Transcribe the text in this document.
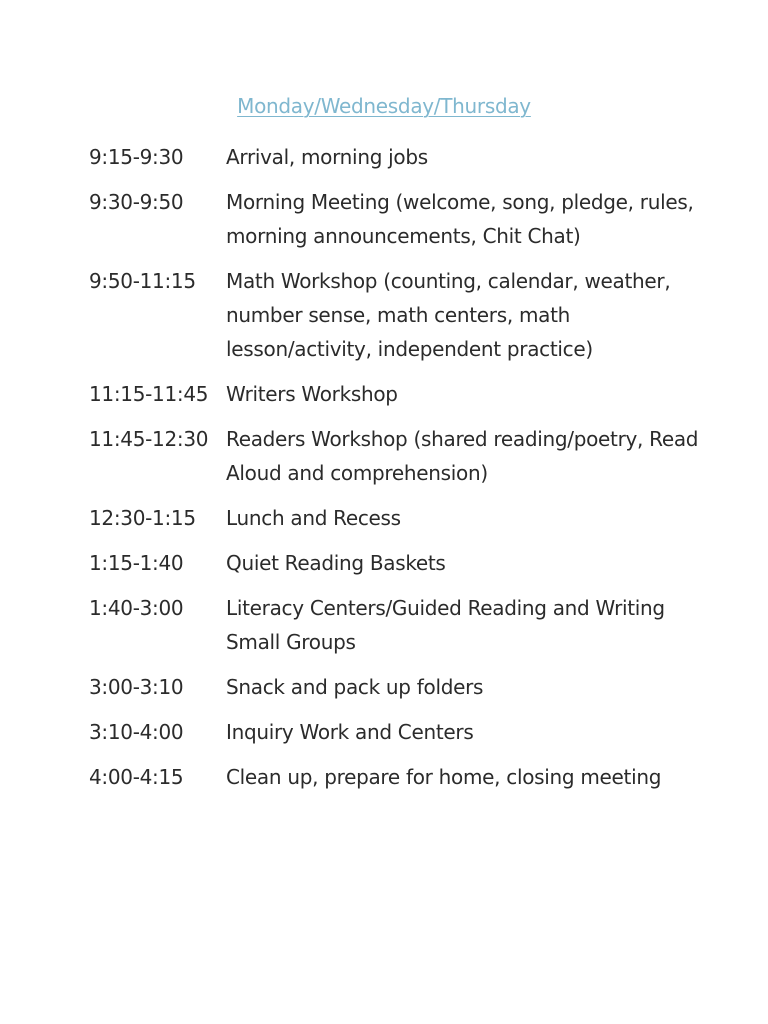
Monday/Wednesday/Thursday
9:15-9:30	Arrival, morning jobs
9:30-9:50	Morning Meeting (welcome, song, pledge, rules, morning announcements, Chit Chat)
9:50-11:15	Math Workshop (counting, calendar, weather, number sense, math centers, math lesson/activity, independent practice)
11:15-11:45 Writers Workshop
11:45-12:30 Readers Workshop (shared reading/poetry, Read Aloud and comprehension)
12:30-1:15	Lunch and Recess
1:15-1:40	Quiet Reading Baskets
1:40-3:00	Literacy Centers/Guided Reading and Writing Small Groups
3:00-3:10	Snack and pack up folders
3:10-4:00	Inquiry Work and Centers
4:00-4:15	Clean up, prepare for home, closing meeting
